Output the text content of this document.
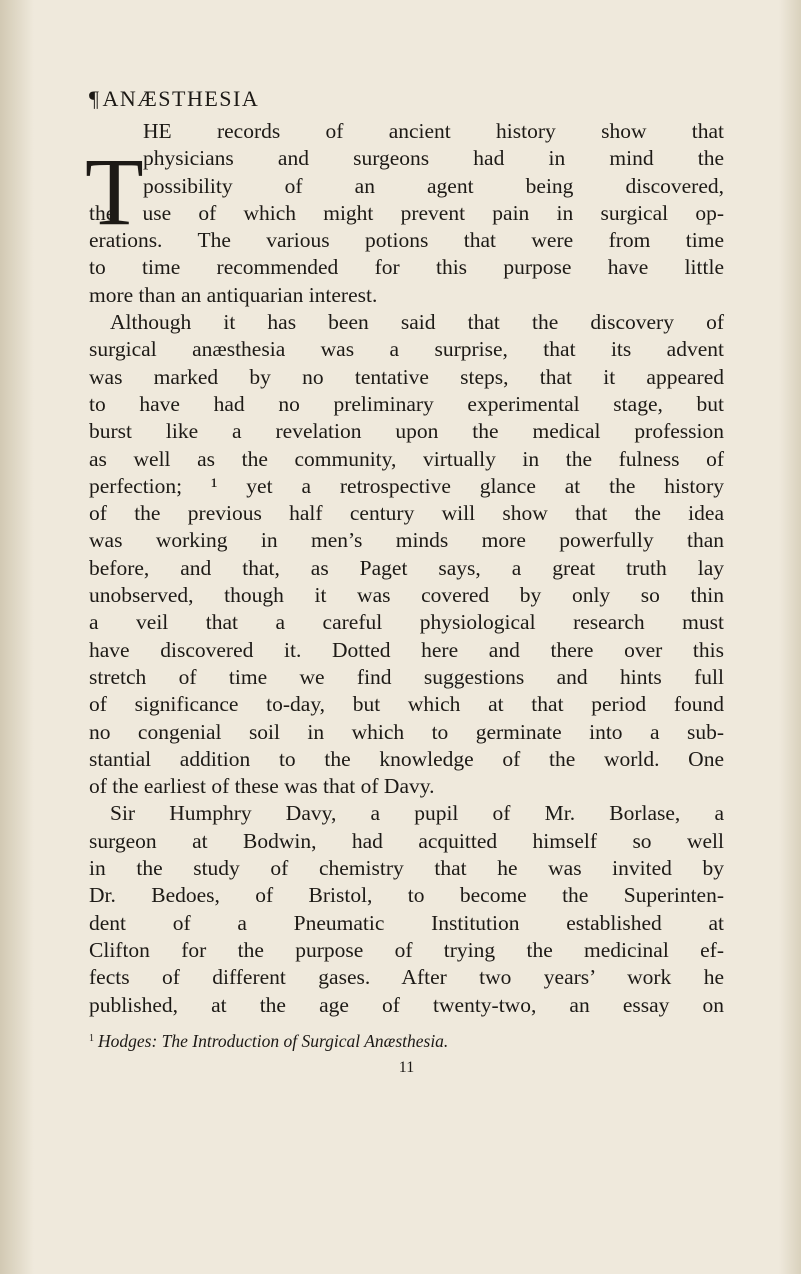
¶ANÆSTHESIA
T
HE records of ancient history show that
physicians and surgeons had in mind the
possibility of an agent being discovered,
the use of which might prevent pain in surgical op-
erations. The various potions that were from time
to time recommended for this purpose have little
more than an antiquarian interest.
Although it has been said that the discovery of
surgical anæsthesia was a surprise, that its advent
was marked by no tentative steps, that it appeared
to have had no preliminary experimental stage, but
burst like a revelation upon the medical profession
as well as the community, virtually in the fulness of
perfection; ¹ yet a retrospective glance at the history
of the previous half century will show that the idea
was working in men’s minds more powerfully than
before, and that, as Paget says, a great truth lay
unobserved, though it was covered by only so thin
a veil that a careful physiological research must
have discovered it. Dotted here and there over this
stretch of time we find suggestions and hints full
of significance to-day, but which at that period found
no congenial soil in which to germinate into a sub-
stantial addition to the knowledge of the world. One
of the earliest of these was that of Davy.
Sir Humphry Davy, a pupil of Mr. Borlase, a
surgeon at Bodwin, had acquitted himself so well
in the study of chemistry that he was invited by
Dr. Bedoes, of Bristol, to become the Superinten-
dent of a Pneumatic Institution established at
Clifton for the purpose of trying the medicinal ef-
fects of different gases. After two years’ work he
published, at the age of twenty-two, an essay on
$^1$ Hodges: The Introduction of Surgical Anæsthesia.
11
